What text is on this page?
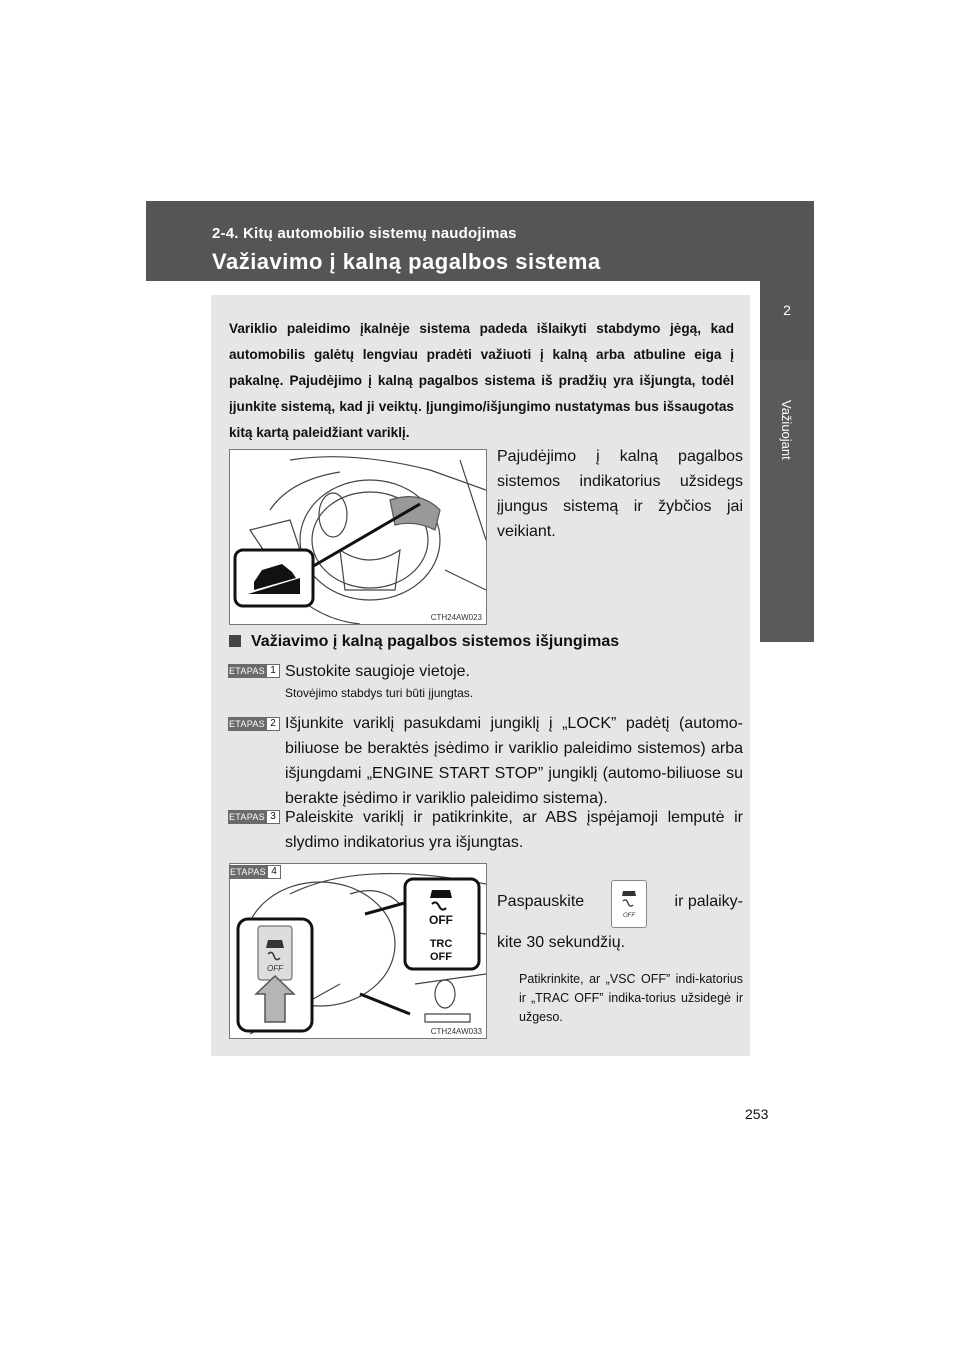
2-4. Kitų automobilio sistemų naudojimas
Važiavimo į kalną pagalbos sistema
2
Važiuojant
Variklio paleidimo įkalnėje sistema padeda išlaikyti stabdymo jėgą, kad automobilis galėtų lengviau pradėti važiuoti į kalną arba atbuline eiga į pakalnę. Pajudėjimo į kalną pagalbos sistema iš pradžių yra išjungta, todėl įjunkite sistemą, kad ji veiktų. Įjungimo/išjungimo nustatymas bus išsaugotas kitą kartą paleidžiant variklį.
CTH24AW023
Pajudėjimo į kalną pagalbos sistemos indikatorius užsidegs įjungus sistemą ir žybčios jai veikiant.
Važiavimo į kalną pagalbos sistemos išjungimas
ETAPAS 1 Sustokite saugioje vietoje.
Stovėjimo stabdys turi būti įjungtas.
ETAPAS 2 Išjunkite variklį pasukdami jungiklį į „LOCK” padėtį (automo-biliuose be beraktės įsėdimo ir variklio paleidimo sistemos) arba išjungdami „ENGINE START STOP” jungiklį (automo-biliuose su berakte įsėdimo ir variklio paleidimo sistema).
ETAPAS 3 Paleiskite variklį ir patikrinkite, ar ABS įspėjamoji lemputė ir slydimo indikatorius yra išjungtas.
OFF
OFF
TRC
OFF
ETAPAS 4
CTH24AW033
Paspauskite
OFF
ir palaiky-
kite 30 sekundžių.
Patikrinkite, ar „VSC OFF” indi-katorius ir „TRAC OFF” indika-torius užsidegė ir užgeso.
253
